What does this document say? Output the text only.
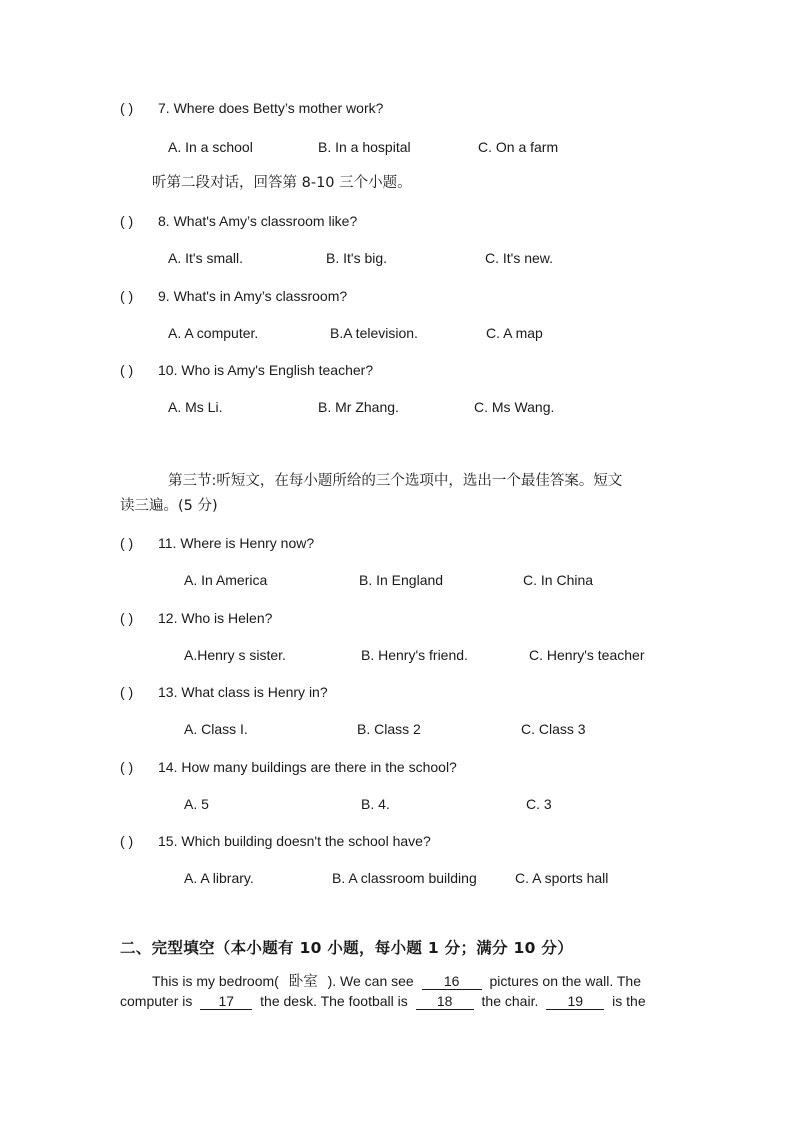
( ) 7. Where does Betty’s mother work?
A. In a school	B. In a hospital	C. On a farm
听第二段对话，回答第 8-10 三个小题。
( ) 8. What's Amy’s classroom like?
A. It's small.	B. It's big.	C. It's new.
( ) 9. What's in Amy’s classroom?
A. A computer.	B.A television.	C. A map
( ) 10. Who is Amy's English teacher?
A. Ms Li.	B. Mr Zhang.	C. Ms Wang.
第三节:听短文，在每小题所给的三个选项中，选出一个最佳答案。短文
读三遍。(5 分)
( ) 11. Where is Henry now?
A. In America	B. In England	C. In China
( ) 12. Who is Helen?
A.Henry s sister.	B. Henry's friend.	C. Henry's teacher
( ) 13. What class is Henry in?
A. Class I.	B. Class 2	C. Class 3
( ) 14. How many buildings are there in the school?
A. 5	B. 4.	C. 3
( ) 15. Which building doesn't the school have?
A. A library.	B. A classroom building	C. A sports hall
二、完型填空（本小题有 10 小题，每小题 1 分；满分 10 分）
This is my bedroom( 卧室 ). We can see 16 pictures on the wall. The
computer is 17 the desk. The football is 18 the chair. 19 is the
